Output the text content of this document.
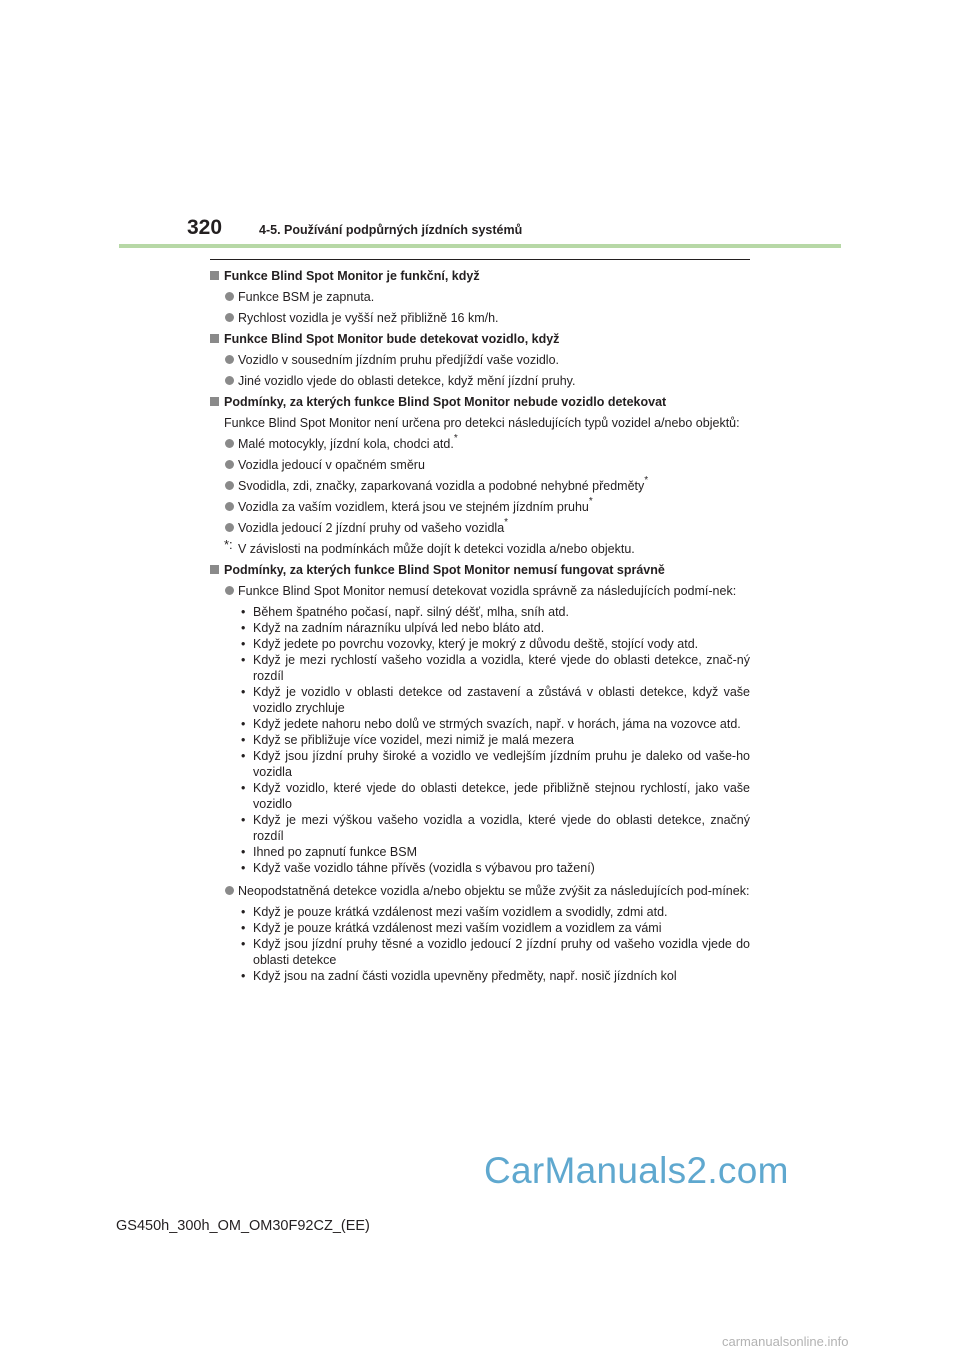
320	4-5. Používání podpůrných jízdních systémů
Funkce Blind Spot Monitor je funkční, když
Funkce BSM je zapnuta.
Rychlost vozidla je vyšší než přibližně 16 km/h.
Funkce Blind Spot Monitor bude detekovat vozidlo, když
Vozidlo v sousedním jízdním pruhu předjíždí vaše vozidlo.
Jiné vozidlo vjede do oblasti detekce, když mění jízdní pruhy.
Podmínky, za kterých funkce Blind Spot Monitor nebude vozidlo detekovat
Funkce Blind Spot Monitor není určena pro detekci následujících typů vozidel a/nebo objektů:
Malé motocykly, jízdní kola, chodci atd.*
Vozidla jedoucí v opačném směru
Svodidla, zdi, značky, zaparkovaná vozidla a podobné nehybné předměty*
Vozidla za vaším vozidlem, která jsou ve stejném jízdním pruhu*
Vozidla jedoucí 2 jízdní pruhy od vašeho vozidla*
*: V závislosti na podmínkách může dojít k detekci vozidla a/nebo objektu.
Podmínky, za kterých funkce Blind Spot Monitor nemusí fungovat správně
Funkce Blind Spot Monitor nemusí detekovat vozidla správně za následujících podmí-nek:
• Během špatného počasí, např. silný déšť, mlha, sníh atd.
• Když na zadním nárazníku ulpívá led nebo bláto atd.
• Když jedete po povrchu vozovky, který je mokrý z důvodu deště, stojící vody atd.
• Když je mezi rychlostí vašeho vozidla a vozidla, které vjede do oblasti detekce, znač-ný rozdíl
• Když je vozidlo v oblasti detekce od zastavení a zůstává v oblasti detekce, když vaše vozidlo zrychluje
• Když jedete nahoru nebo dolů ve strmých svazích, např. v horách, jáma na vozovce atd.
• Když se přibližuje více vozidel, mezi nimiž je malá mezera
• Když jsou jízdní pruhy široké a vozidlo ve vedlejším jízdním pruhu je daleko od vaše-ho vozidla
• Když vozidlo, které vjede do oblasti detekce, jede přibližně stejnou rychlostí, jako vaše vozidlo
• Když je mezi výškou vašeho vozidla a vozidla, které vjede do oblasti detekce, značný rozdíl
• Ihned po zapnutí funkce BSM
• Když vaše vozidlo táhne přívěs (vozidla s výbavou pro tažení)
Neopodstatněná detekce vozidla a/nebo objektu se může zvýšit za následujících pod-mínek:
• Když je pouze krátká vzdálenost mezi vaším vozidlem a svodidly, zdmi atd.
• Když je pouze krátká vzdálenost mezi vaším vozidlem a vozidlem za vámi
• Když jsou jízdní pruhy těsné a vozidlo jedoucí 2 jízdní pruhy od vašeho vozidla vjede do oblasti detekce
• Když jsou na zadní části vozidla upevněny předměty, např. nosič jízdních kol
CarManuals2.com
GS450h_300h_OM_OM30F92CZ_(EE)
carmanualsonline.info
